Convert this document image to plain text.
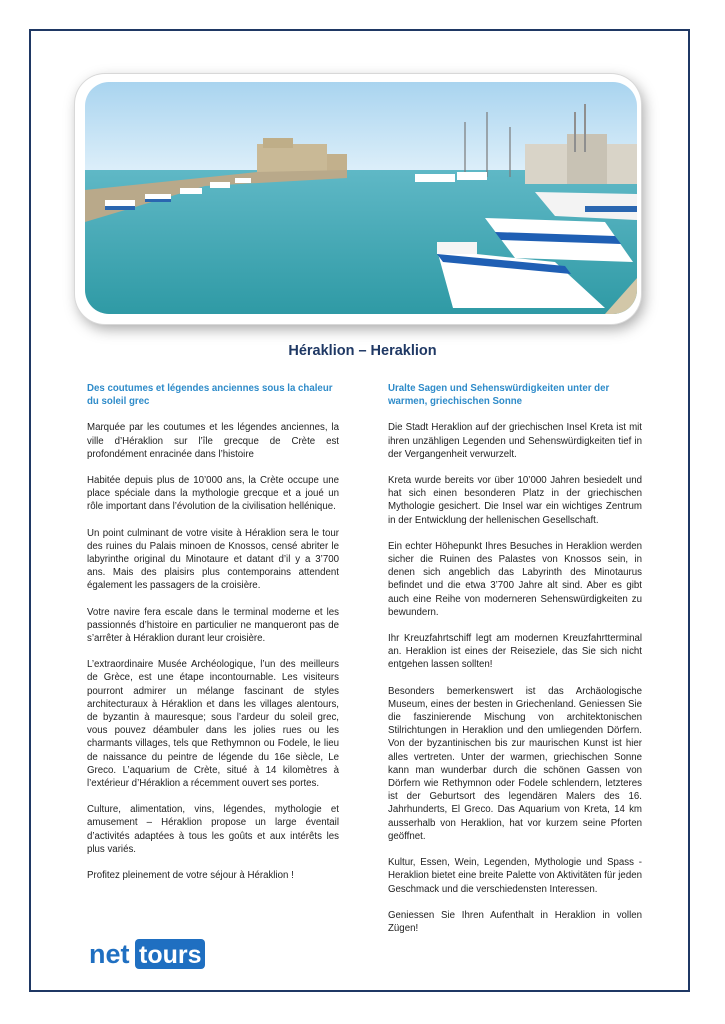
Héraklion – Heraklion

Des coutumes et légendes anciennes sous la chaleur du soleil grec

Marquée par les coutumes et les légendes anciennes, la ville d’Héraklion sur l’île grecque de Crète est profondément enracinée dans l’histoire

Habitée depuis plus de 10’000 ans, la Crète occupe une place spéciale dans la mythologie grecque et a joué un rôle important dans l’évolution de la civilisation hellénique.

Un point culminant de votre visite à Héraklion sera le tour des ruines du Palais minoen de Knossos, censé abriter le labyrinthe original du Minotaure et datant d’il y a 3’700 ans. Mais des plaisirs plus contemporains attendent également les passagers de la croisière.

Votre navire fera escale dans le terminal moderne et les passionnés d’histoire en particulier ne manqueront pas de s’arrêter à Héraklion durant leur croisière.

L’extraordinaire Musée Archéologique, l’un des meilleurs de Grèce, est une étape incontournable. Les visiteurs pourront admirer un mélange fascinant de styles architecturaux à Héraklion et dans les villages alentours, de byzantin à mauresque; sous l’ardeur du soleil grec, vous pouvez déambuler dans les jolies rues ou les charmants villages, tels que Rethymnon ou Fodele, le lieu de naissance du peintre de légende du 16e siècle, Le Greco. L’aquarium de Crète, situé à 14 kilomètres à l’extérieur d’Héraklion a récemment ouvert ses portes.

Culture, alimentation, vins, légendes, mythologie et amusement – Héraklion propose un large éventail d’activités adaptées à tous les goûts et aux intérêts les plus variés.

Profitez pleinement de votre séjour à Héraklion !

Uralte Sagen und Sehenswürdigkeiten unter der warmen, griechischen Sonne

Die Stadt Heraklion auf der griechischen Insel Kreta ist mit ihren unzähligen Legenden und Sehenswürdigkeiten tief in der Vergangenheit verwurzelt.

Kreta wurde bereits vor über 10’000 Jahren besiedelt und hat sich einen besonderen Platz in der griechischen Mythologie gesichert. Die Insel war ein wichtiges Zentrum in der Entwicklung der hellenischen Gesellschaft.

Ein echter Höhepunkt Ihres Besuches in Heraklion werden sicher die Ruinen des Palastes von Knossos sein, in denen sich angeblich das Labyrinth des Minotaurus befindet und die etwa 3’700 Jahre alt sind. Aber es gibt auch eine Reihe von moderneren Sehenswürdigkeiten zu bewundern.

Ihr Kreuzfahrtschiff legt am modernen Kreuzfahrtterminal an. Heraklion ist eines der Reiseziele, das Sie sich nicht entgehen lassen sollten!

Besonders bemerkenswert ist das Archäologische Museum, eines der besten in Griechenland. Geniessen Sie die faszinierende Mischung von architektonischen Stilrichtungen in Heraklion und den umliegenden Dörfern. Von der byzantinischen bis zur maurischen Kunst ist hier alles vertreten. Unter der warmen, griechischen Sonne kann man wunderbar durch die schönen Gassen von Dörfern wie Rethymnon oder Fodele schlendern, letzteres ist der Geburtsort des legendären Malers des 16. Jahrhunderts, El Greco. Das Aquarium von Kreta, 14 km ausserhalb von Heraklion, hat vor kurzem seine Pforten geöffnet.

Kultur, Essen, Wein, Legenden, Mythologie und Spass - Heraklion bietet eine breite Palette von Aktivitäten für jeden Geschmack und die verschiedensten Interessen.

Geniessen Sie Ihren Aufenthalt in Heraklion in vollen Zügen!

net tours
